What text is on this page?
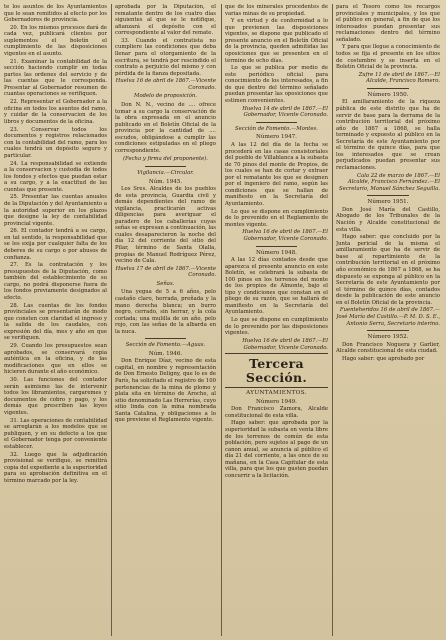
te los asuntos de los Ayuntamientos que le sean remitidos al efecto por los Gobernadores de provincia.

20. En los mismos procesos dará de cada vez, publicará clientes por suplementos el boletín el cumplimiento de las disposiciones vigentes en el asunto.

21. Examinar la contabilidad de la sección haciendo cumplir en todas partes las ordenes del servicio y de las cuentas que le corresponda. Presentar al Gobernador resumen de cuantas operaciones se verifiquen.

22. Representar el Gobernador a la oficina en todos los asuntos del ramo, y cuidar de la conservacion de los libros y documentos de la oficina.

23. Conservar todos los documentos y registros relacionados con la contabilidad del ramo, para los cuales tendrá un depósito seguro y particular.

24. La responsabilidad se extiende a la conservacion y custodia de todos los fondos y efectos que puedan estar a su cargo, y a la exactitud de las cuentas que presente.

25. Presentar las cuentas anuales de la Diputación y del Ayuntamiento a la autoridad superior en los plazos que designe la ley de contabilidad provincial vigente.

26. El contador tendrá a su cargo, en tal sentido, la responsabilidad que se les exija por cualquier falta de los deberes de su cargo o por abusos de confianza.

27. Es la contratación y los presupuestos de la Diputación, como también del establecimiento de su cargo, no podrá disponerse fuera de los fondos previamente designados al efecto.

28. Las cuentas de los fondos provinciales se presentarán de modo que consten con claridad el ingreso y la salida de los caudales, con expresión del día, mes y año en que se verifiquen.

29. Cuando los presupuestos sean aprobados, se conservará copia auténtica en la oficina, y de las modificaciones que en ellos se hicieren durante el año económico.

30. Las funciones del contador serán asimismo las de intervenir todos los libramientos, cargaremes y documentos de cobro y pago, y los demás que prescriben las leyes vigentes.

31. Las operaciones de contabilidad se arreglarán a los modelos que se publiquen, y en su defecto a los que el Gobernador tenga por conveniente establecer.

32. Luego que la adjudicación provisional se verifique, se remitirá copia del expediente a la superioridad para su aprobación definitiva en el término marcado por la ley.

aprobada por la Diputación, el rematante dentro de los cuatro días siguientes al que se le notifique, afianzará el depósito con el correspondiente al valor del remate.

33. Cuando el contratista no cumpliere las condiciones que deba llenar para el otorgamiento de la escritura, se tendrá por rescindido el contrato a perjuicio del mismo y con pérdida de la fianza depositada.

Huelva 16 de abril de 1867.—Vicente Coronado.

Modelo de proposición.

Don N. N., vecino de .... ofrece tomar a su cargo la conservación de la obra expresada en el anuncio publicado en el Boletín Oficial de la provincia por la cantidad de .... escudos, obligándose a cumplir las condiciones estipuladas en el pliego correspondiente.

(Fecha y firma del proponente).

Vigilancia.—Circular.

Núm. 1945.

Los Sres. Alcaldes de los pueblos de esta provincia, Guardia civil y demás dependientes del ramo de vigilancia, practicarán activas diligencias para averiguar el paradero de los caballerías cuyas señas se expresan a continuación, las cuales desaparecieron la noche del día 12 del corriente del sitio del Pilar, término de Santa Olalla, propias de Manuel Rodríguez Pérez, vecino de Cala.

Huelva 17 de abril de 1867.—Vicente Coronado.

Señas.

Una yegua de 5 a 6 años, pelo castaño claro, herrada, preñada y la mano derecha blanca; un burro negro, cerrado, sin herrar, y la cola cortada; una mulilla de un año, pelo rojo, con las señas de la albarda en la nuca.

Sección de Fomento.—Aguas.

Núm. 1946.

Don Enrique Díaz, vecino de esta capital, en nombre y representación de Don Ernesto Deligny, que lo es de París, ha solicitado el registro de 100 pertenencias de la mina de plomo y plata sita en término de Aroche, al sitio denominado Las Herrerías, cuyo sitio linda con la mina nombrada Santa Catalina, y obligaciones a lo que previene el Reglamento vigente.

que de los minerales procedentes de varias minas de su propiedad.

Y en virtud y de conformidad a lo que previenen las disposiciones vigentes, se dispone que publicado el presente anuncio en el Boletín Oficial de la provincia, queden admitidas las oposiciones que se presenten en el término de ocho días.

Lo que se publica por medio de este periódico oficial para conocimiento de los interesados, a fin de que dentro del término señalado puedan presentar las oposiciones que estimen convenientes.

Huelva 14 de abril de 1867.—El Gobernador, Vicente Coronado.

Sección de Fomento.—Montes.

Número 1947.

A las 12 del día de la fecha se procederá en las casas consistoriales del pueblo de Villablanca a la subasta de 70 pinos del monte de Propios, de los cuales se han de cortar y extraer por el rematante los que se designen por el ingeniero del ramo, según las condiciones que se hallan de manifiesto en la Secretaría del Ayuntamiento.

Lo que se dispone en cumplimiento de lo prevenido en el Reglamento de montes vigente.

Huelva 16 de abril de 1867.—El Gobernador, Vicente Coronado.

Número 1948.

A las 12 días contados desde que aparezca el presente anuncio en este Boletín, se celebrará la subasta de 100 pinos en los terrenos del monte de los propios de Almonte, bajo el tipo y condiciones que constan en el pliego de su razón, que se hallará de manifiesto en la Secretaría del Ayuntamiento.

Lo que se dispone en cumplimiento de lo prevenido por las disposiciones vigentes.

Huelva 16 de abril de 1867.—El Gobernador, Vicente Coronado.

Tercera Sección.

AYUNTAMIENTOS.

Número 1949.

Don Francisco Zamora, Alcalde constitucional de esta villa.

Hago saber: que aprobada por la superioridad la subasta en venta libre de los terrenos de común de esta población, pero sujetos al pago de un canon anual, se anuncia al público el día 21 del corriente, a las once de su mañana, en la Casa Capitular de esta villa, para que los que gusten puedan concurrir a la licitación.

para el Tesoro como los recargos provinciales y municipales, y los que el público en general, a fin de que los interesados puedan presentar sus reclamaciones dentro del término señalado.

Y para que llegue a conocimiento de todos se fija el presente en los sitios de costumbre y se inserta en el Boletín Oficial de la provincia.

Zufre 11 de abril de 1867.—El Alcalde, Francisco Romero.

Número 1950.

El amillaramiento de la riqueza pública de este distrito que ha de servir de base para la derrama de la contribución territorial del próximo año de 1867 a 1868, se halla terminado y expuesto al público en la Secretaría de este Ayuntamiento por el término de quince días, para que los interesados que se crean perjudicados puedan presentar sus reclamaciones.

Cala 22 de marzo de 1867.—El Alcalde, Francisco Fernández.—El Secretario, Manuel Sánchez Seguilla.

Número 1951.

Don José María del Castillo, Abogado de los Tribunales de la Nación y Alcalde constitucional de esta villa.

Hago saber: que concluido por la Junta pericial de la misma el amillaramiento que ha de servir de base al repartimiento de la contribución territorial en el próximo año económico de 1867 a 1868, se ha dispuesto se exponga al público en la Secretaría de este Ayuntamiento por el término de quince días, contados desde la publicación de este anuncio en el Boletín Oficial de la provincia.

Fuenteheridos 16 de abril de 1867.—José María del Castillo.—P. M. D. S. E., Antonio Serra, Secretario interino.

Número 1952.

Don Francisco Noguera y Garlier, Alcalde constitucional de esta ciudad.

Hago saber: que aprobado por
